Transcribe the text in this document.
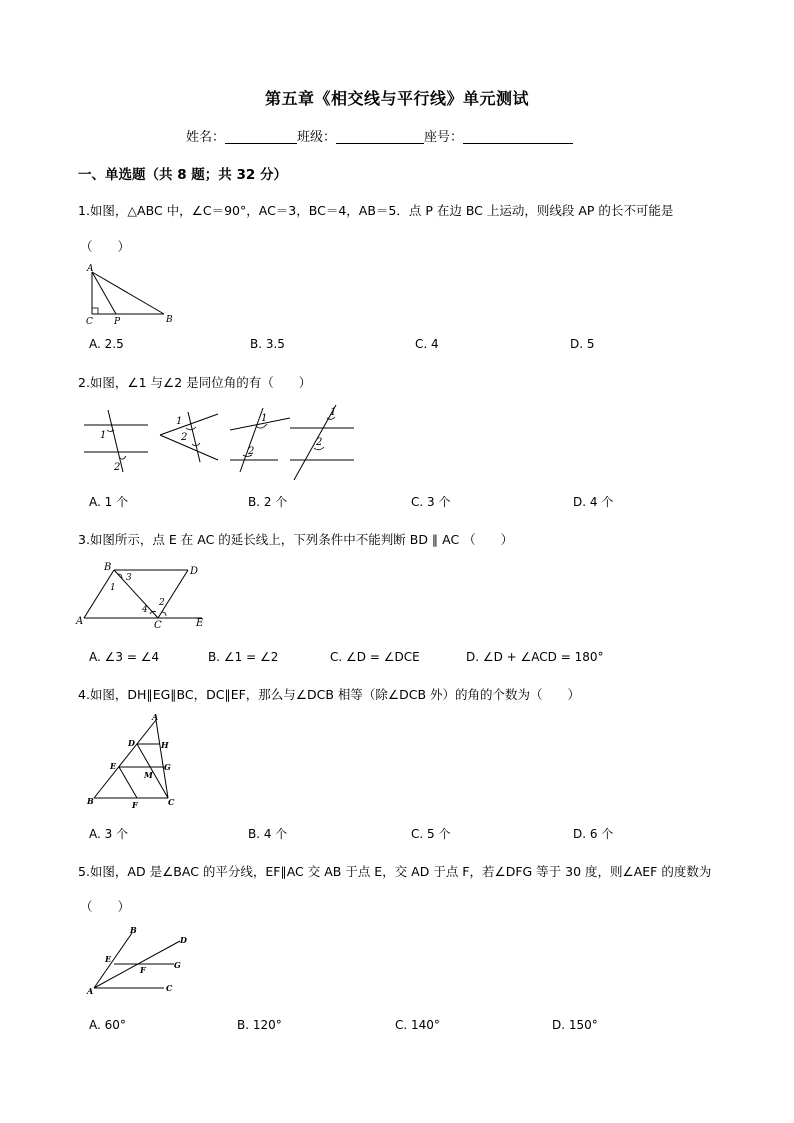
第五章《相交线与平行线》单元测试
姓名：	班级：	座号：
一、单选题（共 8 题；共 32 分）
1.如图，△ABC 中，∠C＝90°，AC＝3，BC＝4，AB＝5．点 P 在边 BC 上运动，则线段 AP 的长不可能是
（　　）
A
C P	B
A. 2.5	B. 3.5	C. 4	D. 5
2.如图，∠1 与∠2 是同位角的有（　　）
1
2
1
2
1
2
1
2
A. 1 个	B. 2 个	C. 3 个	D. 4 个
3.如图所示，点 E 在 AC 的延长线上，下列条件中不能判断 BD ∥ AC （　　）
B	D
3
1
4
2
A	C	E
A. ∠3 = ∠4	B. ∠1 = ∠2	C. ∠D = ∠DCE	D. ∠D + ∠ACD = 180°
4.如图，DH∥EG∥BC，DC∥EF，那么与∠DCB 相等（除∠DCB 外）的角的个数为（　　）
A
D	H
E	G
M
B	F	C
A. 3 个	B. 4 个	C. 5 个	D. 6 个
5.如图，AD 是∠BAC 的平分线，EF∥AC 交 AB 于点 E，交 AD 于点 F，若∠DFG 等于 30 度，则∠AEF 的度数为
（　　）
B
D
E
F	G
A	C
A. 60°	B. 120°	C. 140°	D. 150°
